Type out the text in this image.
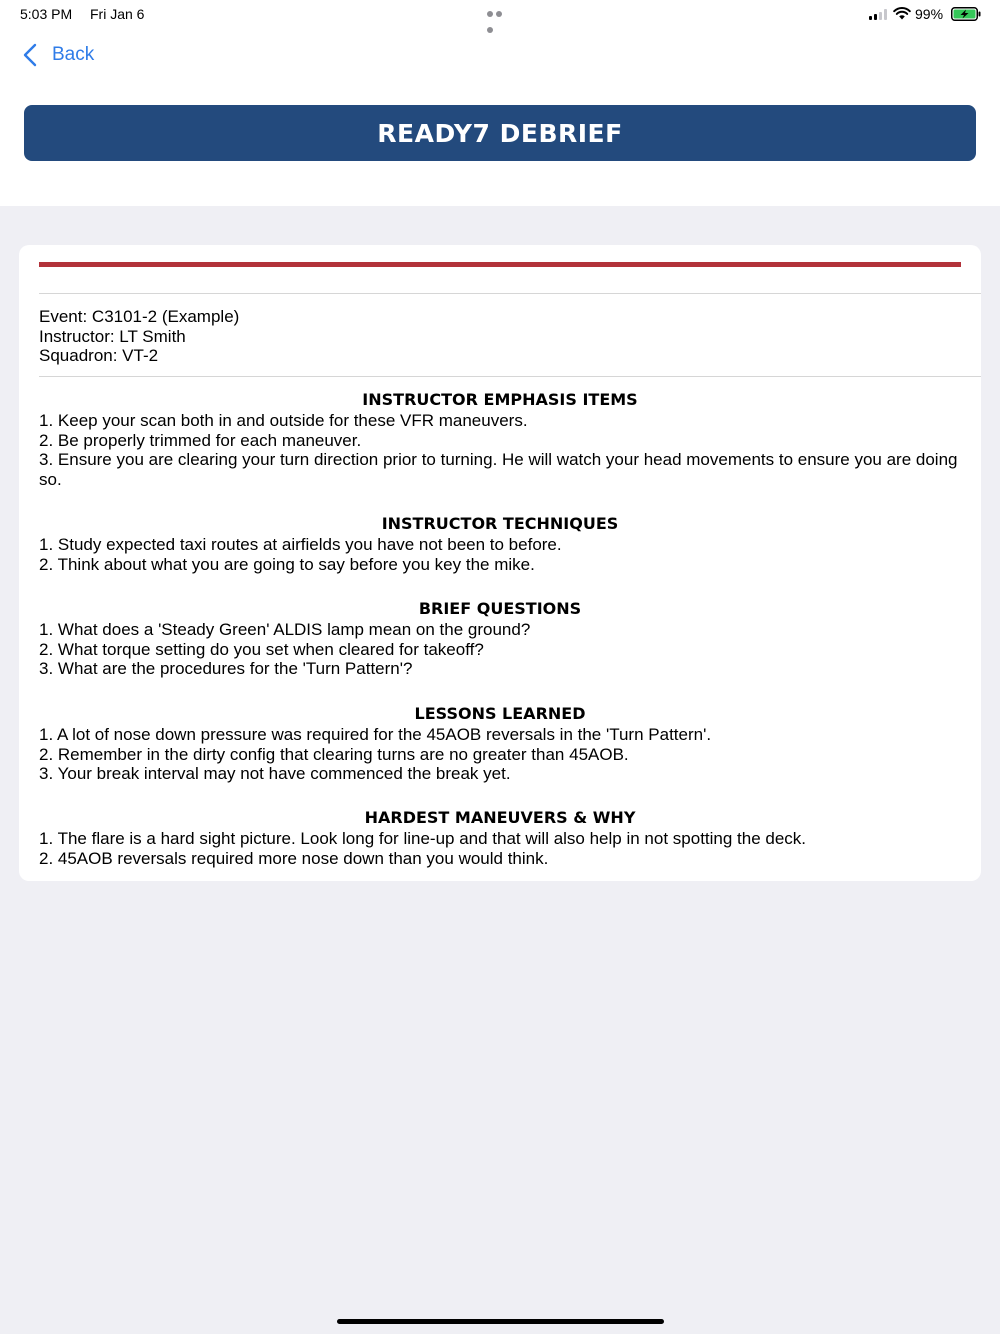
5:03 PM Fri Jan 6	99%
Back
READY7 DEBRIEF
Event: C3101-2 (Example)
Instructor: LT Smith
Squadron: VT-2
INSTRUCTOR EMPHASIS ITEMS
1. Keep your scan both in and outside for these VFR maneuvers.
2. Be properly trimmed for each maneuver.
3. Ensure you are clearing your turn direction prior to turning. He will watch your head movements to ensure you are doing so.
INSTRUCTOR TECHNIQUES
1. Study expected taxi routes at airfields you have not been to before.
2. Think about what you are going to say before you key the mike.
BRIEF QUESTIONS
1. What does a 'Steady Green' ALDIS lamp mean on the ground?
2. What torque setting do you set when cleared for takeoff?
3. What are the procedures for the 'Turn Pattern'?
LESSONS LEARNED
1. A lot of nose down pressure was required for the 45AOB reversals in the 'Turn Pattern'.
2. Remember in the dirty config that clearing turns are no greater than 45AOB.
3. Your break interval may not have commenced the break yet.
HARDEST MANEUVERS & WHY
1. The flare is a hard sight picture. Look long for line-up and that will also help in not spotting the deck.
2. 45AOB reversals required more nose down than you would think.
